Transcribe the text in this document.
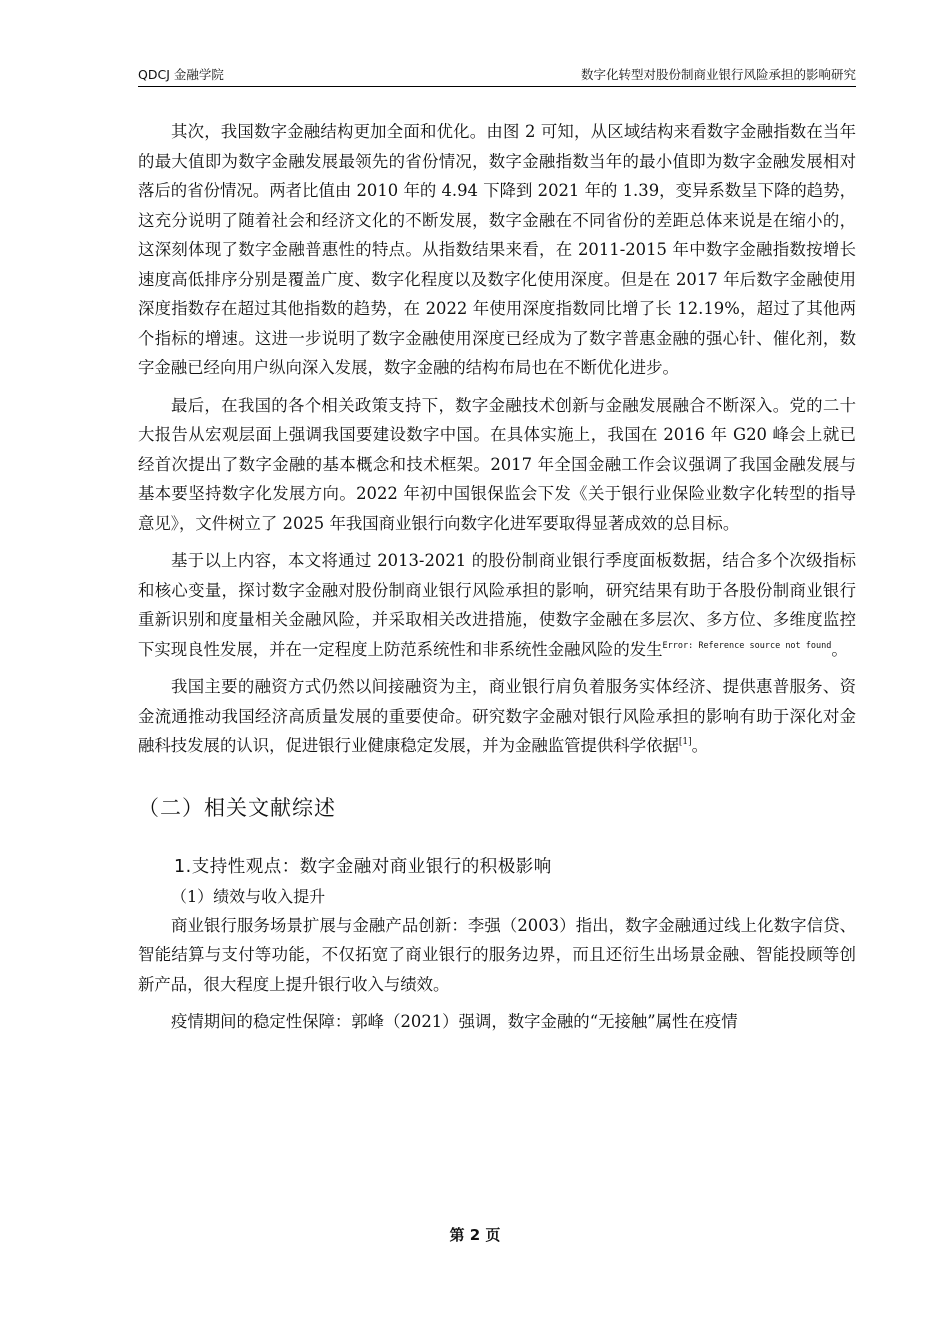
QDCJ 金融学院	数字化转型对股份制商业银行风险承担的影响研究

其次，我国数字金融结构更加全面和优化。由图 2 可知，从区域结构来看数字金融指数在当年的最大值即为数字金融发展最领先的省份情况，数字金融指数当年的最小值即为数字金融发展相对落后的省份情况。两者比值由 2010 年的 4.94 下降到 2021 年的 1.39，变异系数呈下降的趋势，这充分说明了随着社会和经济文化的不断发展，数字金融在不同省份的差距总体来说是在缩小的，这深刻体现了数字金融普惠性的特点。从指数结果来看，在 2011-2015 年中数字金融指数按增长速度高低排序分别是覆盖广度、数字化程度以及数字化使用深度。但是在 2017 年后数字金融使用深度指数存在超过其他指数的趋势，在 2022 年使用深度指数同比增了长 12.19%，超过了其他两个指标的增速。这进一步说明了数字金融使用深度已经成为了数字普惠金融的强心针、催化剂，数字金融已经向用户纵向深入发展，数字金融的结构布局也在不断优化进步。

最后，在我国的各个相关政策支持下，数字金融技术创新与金融发展融合不断深入。党的二十大报告从宏观层面上强调我国要建设数字中国。在具体实施上，我国在 2016 年 G20 峰会上就已经首次提出了数字金融的基本概念和技术框架。2017 年全国金融工作会议强调了我国金融发展与基本要坚持数字化发展方向。2022 年初中国银保监会下发《关于银行业保险业数字化转型的指导意见》，文件树立了 2025 年我国商业银行向数字化进军要取得显著成效的总目标。

基于以上内容，本文将通过 2013-2021 的股份制商业银行季度面板数据，结合多个次级指标和核心变量，探讨数字金融对股份制商业银行风险承担的影响，研究结果有助于各股份制商业银行重新识别和度量相关金融风险，并采取相关改进措施，使数字金融在多层次、多方位、多维度监控下实现良性发展，并在一定程度上防范系统性和非系统性金融风险的发生$^{Error: Reference source not found}$。

我国主要的融资方式仍然以间接融资为主，商业银行肩负着服务实体经济、提供惠普服务、资金流通推动我国经济高质量发展的重要使命。研究数字金融对银行风险承担的影响有助于深化对金融科技发展的认识，促进银行业健康稳定发展，并为金融监管提供科学依据[1]。

（二）相关文献综述
1.支持性观点：数字金融对商业银行的积极影响
（1）绩效与收入提升

商业银行服务场景扩展与金融产品创新：李强（2003）指出，数字金融通过线上化数字信贷、智能结算与支付等功能，不仅拓宽了商业银行的服务边界，而且还衍生出场景金融、智能投顾等创新产品，很大程度上提升银行收入与绩效。

疫情期间的稳定性保障：郭峰（2021）强调，数字金融的“无接触”属性在疫情

第 2 页
